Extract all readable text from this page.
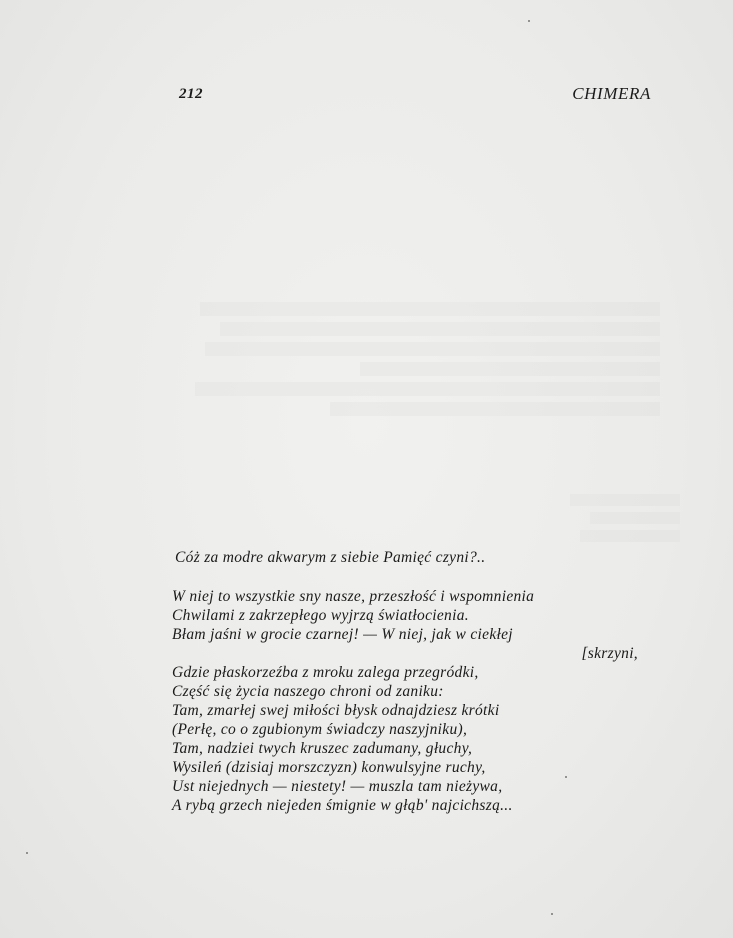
212	CHIMERA
Cóż za modre akwarym z siebie Pamięć czyni?..
W niej to wszystkie sny nasze, przeszłość i wspomnienia
Chwilami z zakrzepłego wyjrzą światłocienia.
Błam jaśni w grocie czarnej! — W niej, jak w ciekłej
[skrzyni,
Gdzie płaskorzeźba z mroku zalega przegródki,
Część się życia naszego chroni od zaniku:
Tam, zmarłej swej miłości błysk odnajdziesz krótki
(Perłę, co o zgubionym świadczy naszyjniku),
Tam, nadziei twych kruszec zadumany, głuchy,
Wysileń (dzisiaj morszczyzn) konwulsyjne ruchy,
Ust niejednych — niestety! — muszla tam nieżywa,
A rybą grzech niejeden śmignie w głąb' najcichszą...
